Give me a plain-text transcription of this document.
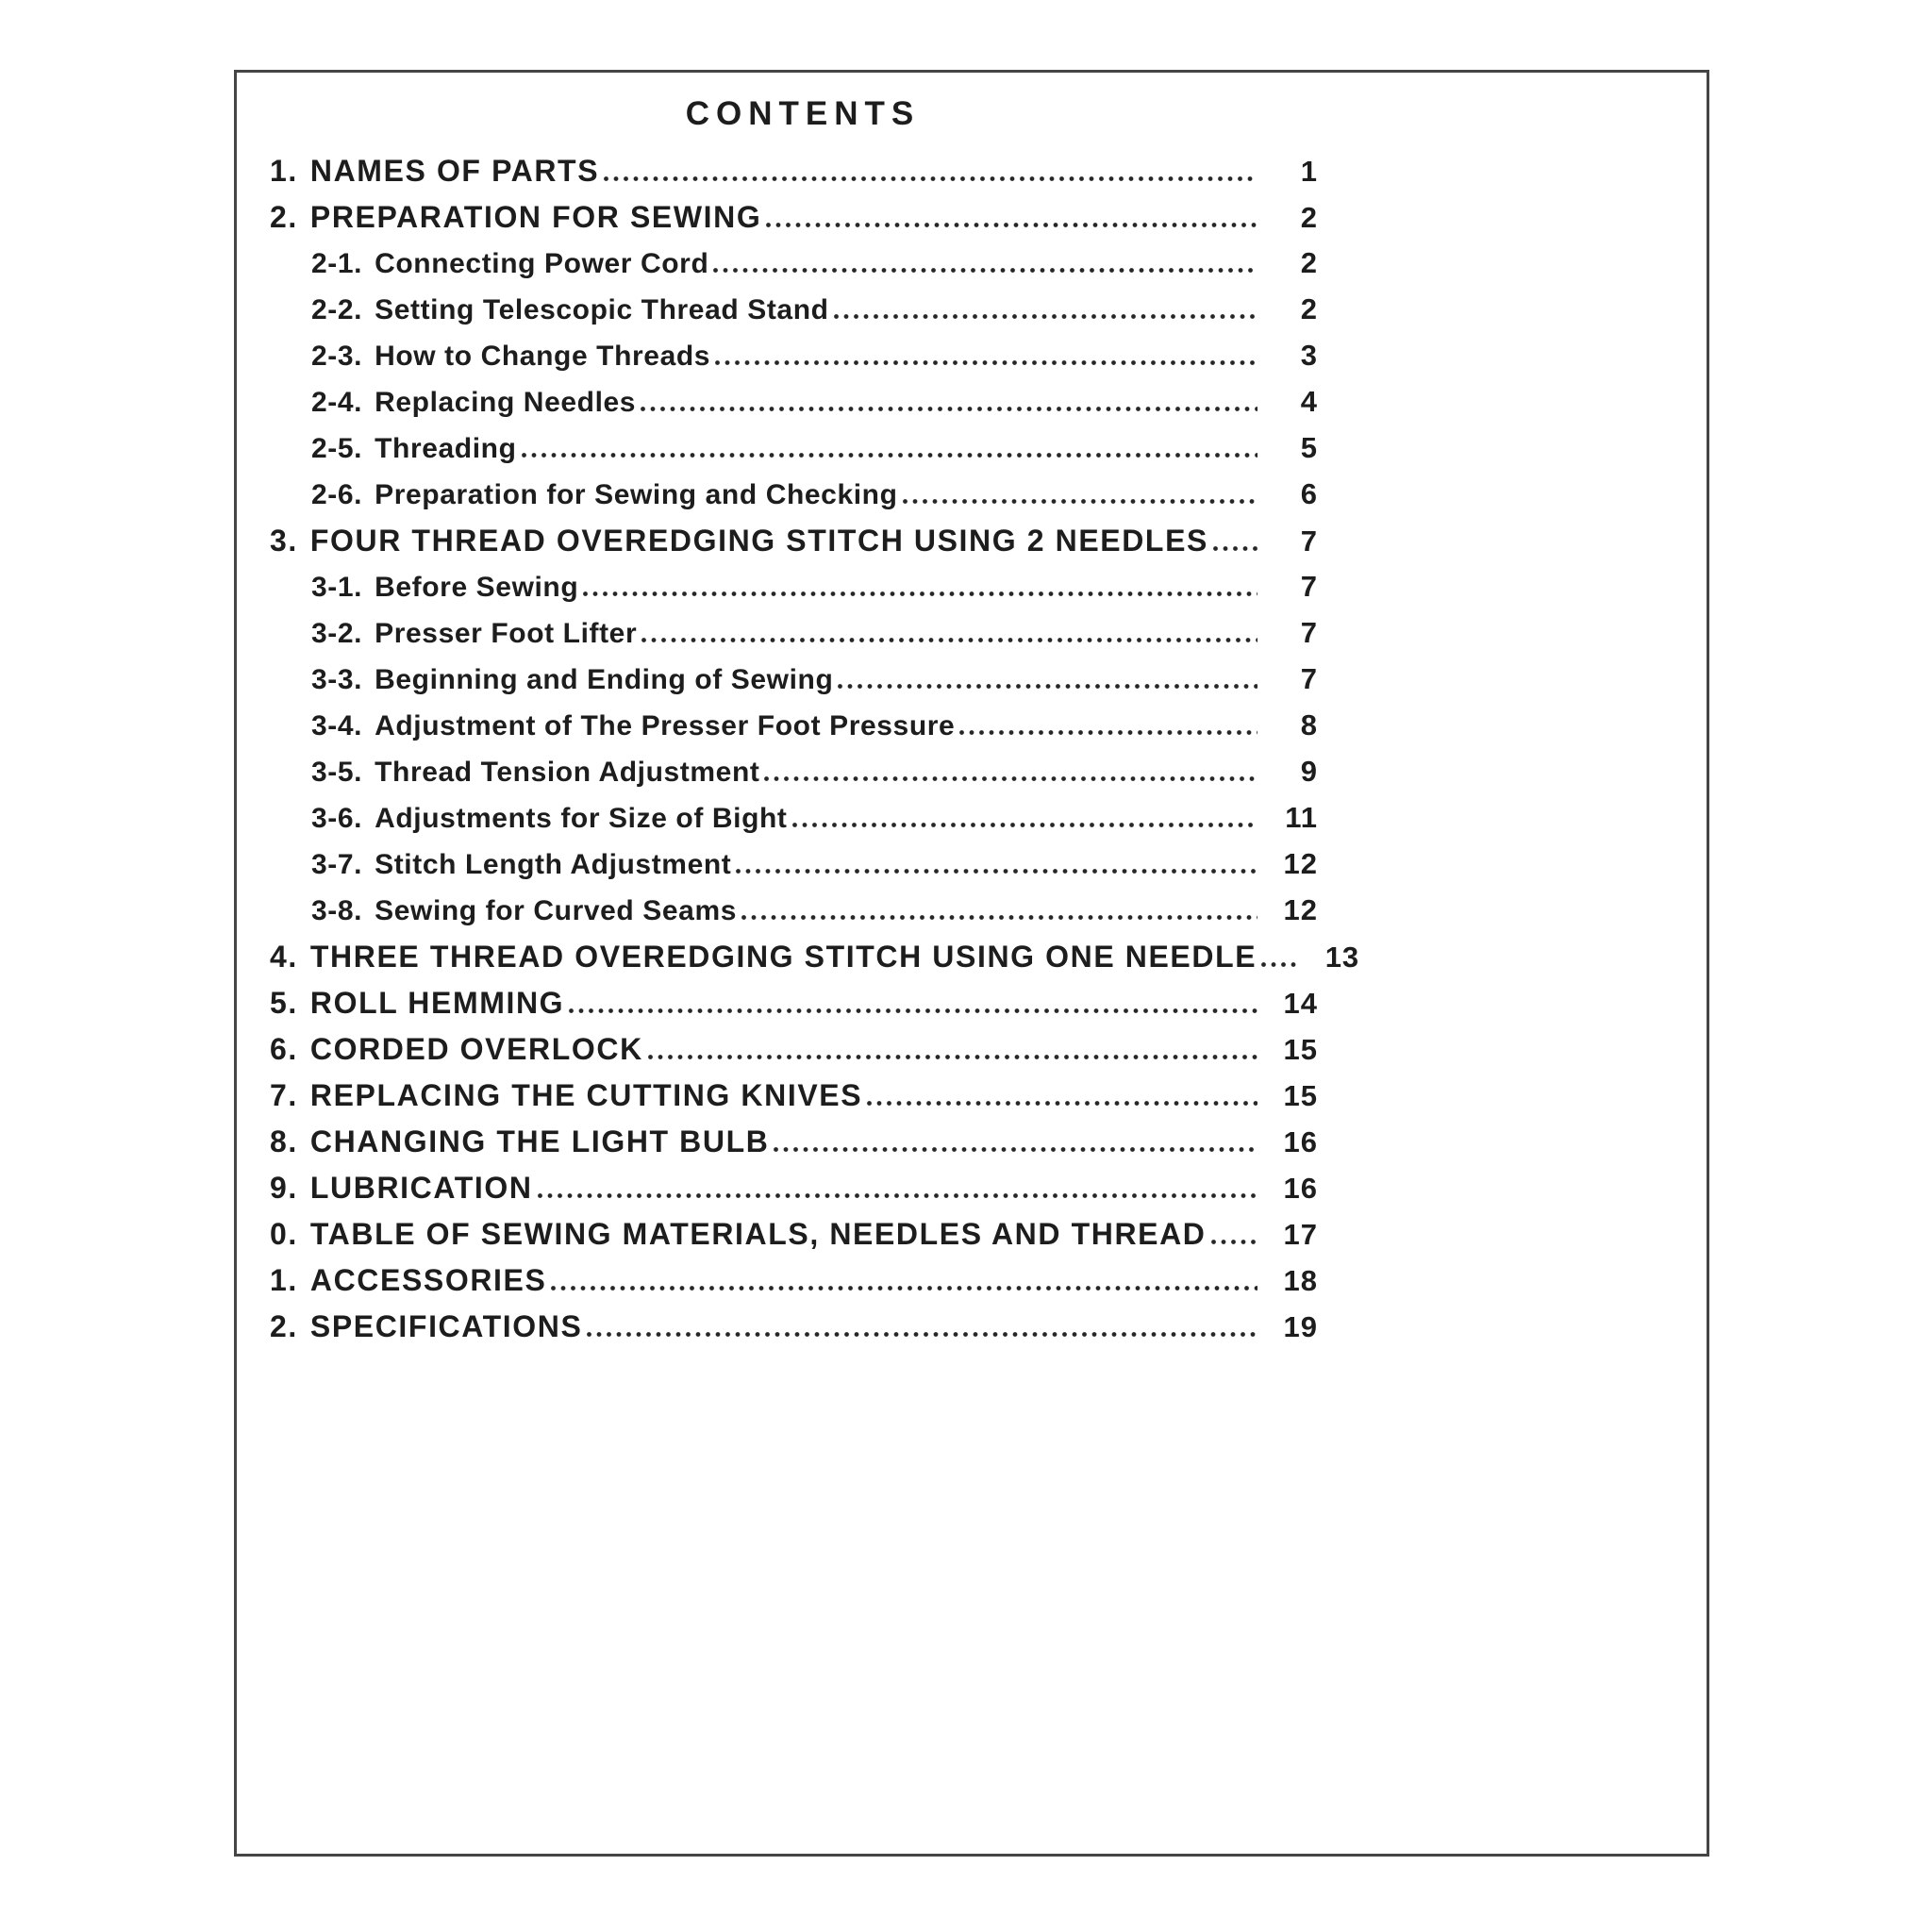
CONTENTS
1. NAMES OF PARTS	1
2. PREPARATION FOR SEWING	2
2-1. Connecting Power Cord	2
2-2. Setting Telescopic Thread Stand	2
2-3. How to Change Threads	3
2-4. Replacing Needles	4
2-5. Threading	5
2-6. Preparation for Sewing and Checking	6
3. FOUR THREAD OVEREDGING STITCH USING 2 NEEDLES	7
3-1. Before Sewing	7
3-2. Presser Foot Lifter	7
3-3. Beginning and Ending of Sewing	7
3-4. Adjustment of The Presser Foot Pressure	8
3-5. Thread Tension Adjustment	9
3-6. Adjustments for Size of Bight	11
3-7. Stitch Length Adjustment	12
3-8. Sewing for Curved Seams	12
4. THREE THREAD OVEREDGING STITCH USING ONE NEEDLE	13
5. ROLL HEMMING	14
6. CORDED OVERLOCK	15
7. REPLACING THE CUTTING KNIVES	15
8. CHANGING THE LIGHT BULB	16
9. LUBRICATION	16
0. TABLE OF SEWING MATERIALS, NEEDLES AND THREAD	17
1. ACCESSORIES	18
2. SPECIFICATIONS	19
